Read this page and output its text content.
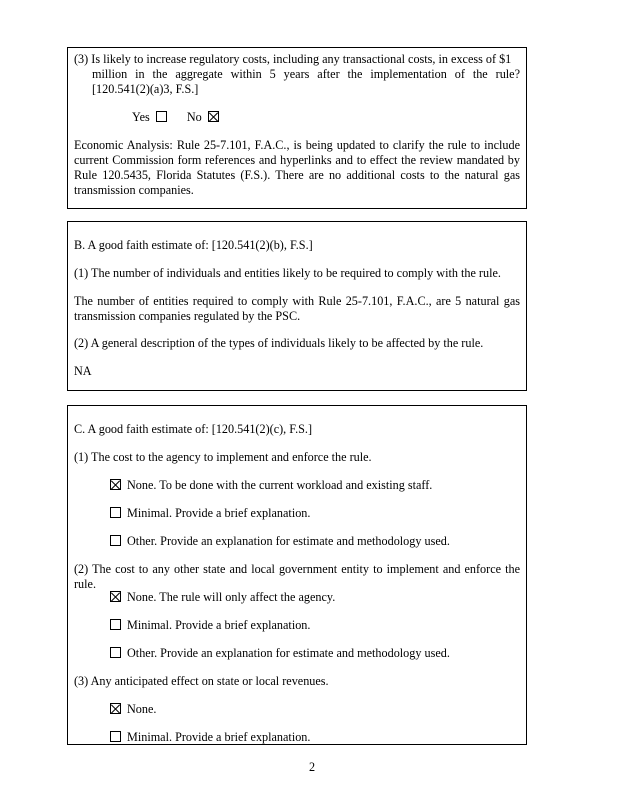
(3) Is likely to increase regulatory costs, including any transactional costs, in excess of $1

million in the aggregate within 5 years after the implementation of the rule?

[120.541(2)(a)3, F.S.]

Yes	No

Economic Analysis: Rule 25-7.101, F.A.C., is being updated to clarify the rule to include current Commission form references and hyperlinks and to effect the review mandated by Rule 120.5435, Florida Statutes (F.S.). There are no additional costs to the natural gas transmission companies.

B. A good faith estimate of: [120.541(2)(b), F.S.]

(1) The number of individuals and entities likely to be required to comply with the rule.

The number of entities required to comply with Rule 25-7.101, F.A.C., are 5 natural gas transmission companies regulated by the PSC.

(2) A general description of the types of individuals likely to be affected by the rule.

NA

C. A good faith estimate of: [120.541(2)(c), F.S.]

(1) The cost to the agency to implement and enforce the rule.

None. To be done with the current workload and existing staff.

Minimal. Provide a brief explanation.

Other. Provide an explanation for estimate and methodology used.

(2) The cost to any other state and local government entity to implement and enforce the rule.

None. The rule will only affect the agency.

Minimal. Provide a brief explanation.

Other. Provide an explanation for estimate and methodology used.

(3) Any anticipated effect on state or local revenues.

None.

Minimal. Provide a brief explanation.

2
